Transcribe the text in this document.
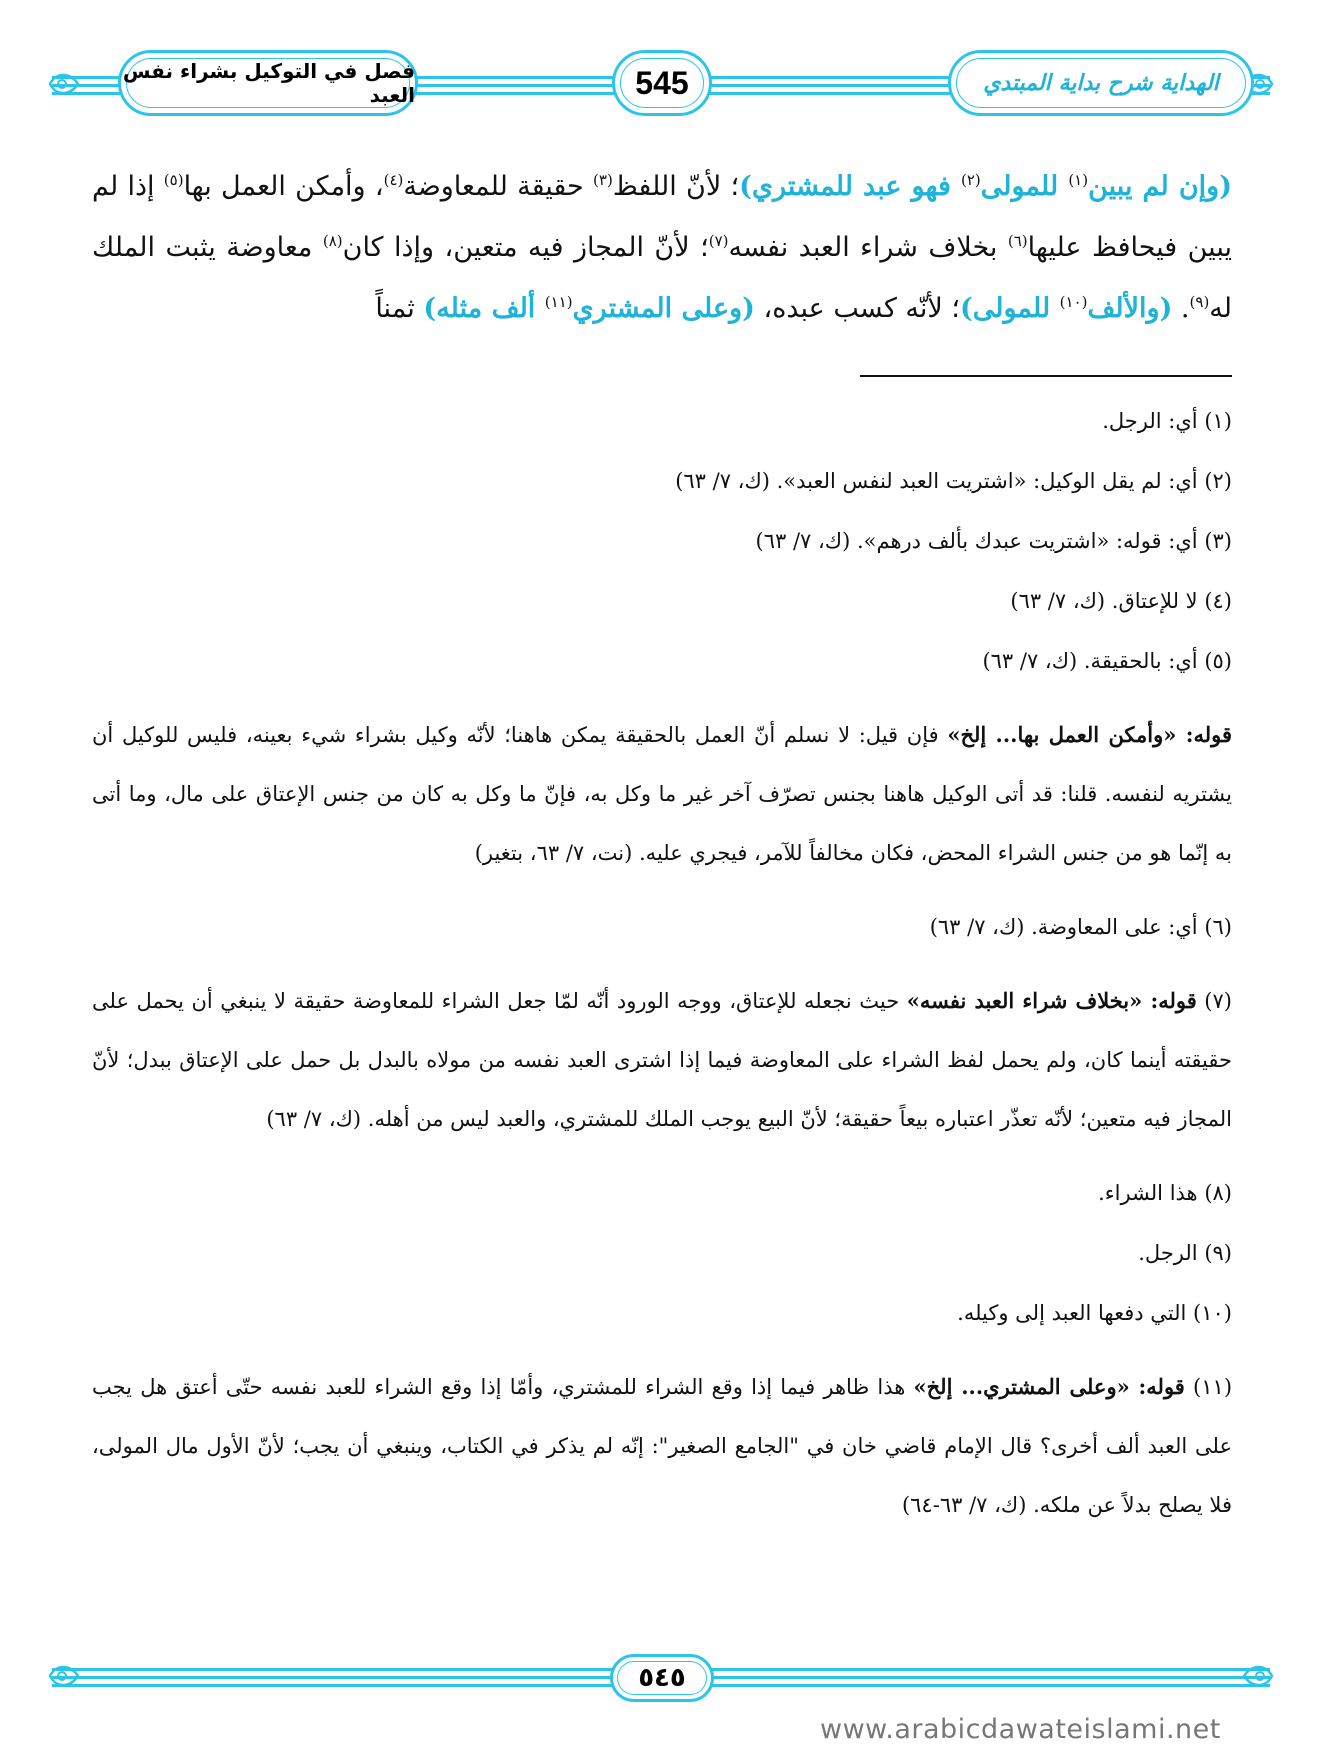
فصل في التوكيل بشراء نفس العبد	545	الهداية شرح بداية المبتدي
(وإن لم يبين$^{(١)}$ للمولى$^{(٢)}$ فهو عبد للمشتري)؛ لأنّ اللفظ$^{(٣)}$ حقيقة للمعاوضة$^{(٤)}$، وأمكن العمل بها$^{(٥)}$ إذا لم يبين فيحافظ عليها$^{(٦)}$ بخلاف شراء العبد نفسه$^{(٧)}$؛ لأنّ المجاز فيه متعين، وإذا كان$^{(٨)}$ معاوضة يثبت الملك له$^{(٩)}$. (والألف$^{(١٠)}$ للمولى)؛ لأنّه كسب عبده، (وعلى المشتري$^{(١١)}$ ألف مثله) ثمناً
(١) أي: الرجل.
(٢) أي: لم يقل الوكيل: «اشتريت العبد لنفس العبد». (ك، ٧/ ٦٣)
(٣) أي: قوله: «اشتريت عبدك بألف درهم». (ك، ٧/ ٦٣)
(٤) لا للإعتاق. (ك، ٧/ ٦٣)
(٥) أي: بالحقيقة. (ك، ٧/ ٦٣)
قوله: «وأمكن العمل بها... إلخ» فإن قيل: لا نسلم أنّ العمل بالحقيقة يمكن هاهنا؛ لأنّه وكيل بشراء شيء بعينه، فليس للوكيل أن يشتريه لنفسه. قلنا: قد أتى الوكيل هاهنا بجنس تصرّف آخر غير ما وكل به، فإنّ ما وكل به كان من جنس الإعتاق على مال، وما أتى به إنّما هو من جنس الشراء المحض، فكان مخالفاً للآمر، فيجري عليه. (نت، ٧/ ٦٣، بتغير)
(٦) أي: على المعاوضة. (ك، ٧/ ٦٣)
(٧) قوله: «بخلاف شراء العبد نفسه» حيث نجعله للإعتاق، ووجه الورود أنّه لمّا جعل الشراء للمعاوضة حقيقة لا ينبغي أن يحمل على حقيقته أينما كان، ولم يحمل لفظ الشراء على المعاوضة فيما إذا اشترى العبد نفسه من مولاه بالبدل بل حمل على الإعتاق ببدل؛ لأنّ المجاز فيه متعين؛ لأنّه تعذّر اعتباره بيعاً حقيقة؛ لأنّ البيع يوجب الملك للمشتري، والعبد ليس من أهله. (ك، ٧/ ٦٣)
(٨) هذا الشراء.
(٩) الرجل.
(١٠) التي دفعها العبد إلى وكيله.
(١١) قوله: «وعلى المشتري... إلخ» هذا ظاهر فيما إذا وقع الشراء للمشتري، وأمّا إذا وقع الشراء للعبد نفسه حتّى أعتق هل يجب على العبد ألف أخرى؟ قال الإمام قاضي خان في "الجامع الصغير": إنّه لم يذكر في الكتاب، وينبغي أن يجب؛ لأنّ الأول مال المولى، فلا يصلح بدلاً عن ملكه. (ك، ٧/ ٦٣-٦٤)
٥٤٥
www.arabicdawateislami.net
